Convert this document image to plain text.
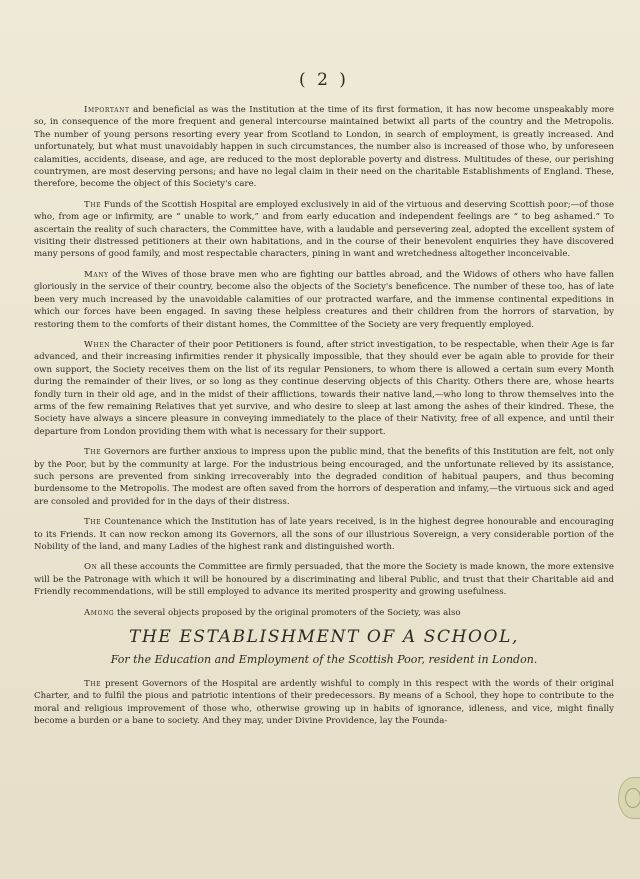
( 2 )

Important and beneficial as was the Institution at the time of its first formation, it has now become unspeakably more so, in consequence of the more frequent and general intercourse maintained betwixt all parts of the country and the Metropolis. The number of young persons resorting every year from Scotland to London, in search of employment, is greatly increased. And unfortunately, but what must unavoidably happen in such circumstances, the number also is increased of those who, by unforeseen calamities, accidents, disease, and age, are reduced to the most deplorable poverty and distress. Multitudes of these, our perishing countrymen, are most deserving persons; and have no legal claim in their need on the charitable Establishments of England. These, therefore, become the object of this Society's care.

The Funds of the Scottish Hospital are employed exclusively in aid of the virtuous and deserving Scottish poor;—of those who, from age or infirmity, are “ unable to work,” and from early education and independent feelings are “ to beg ashamed.” To ascertain the reality of such characters, the Committee have, with a laudable and persevering zeal, adopted the excellent system of visiting their distressed petitioners at their own habitations, and in the course of their benevolent enquiries they have discovered many persons of good family, and most respectable characters, pining in want and wretchedness altogether inconceivable.

Many of the Wives of those brave men who are fighting our battles abroad, and the Widows of others who have fallen gloriously in the service of their country, become also the objects of the Society's beneficence. The number of these too, has of late been very much increased by the unavoidable calamities of our protracted warfare, and the immense continental expeditions in which our forces have been engaged. In saving these helpless creatures and their children from the horrors of starvation, by restoring them to the comforts of their distant homes, the Committee of the Society are very frequently employed.

When the Character of their poor Petitioners is found, after strict investigation, to be respectable, when their Age is far advanced, and their increasing infirmities render it physically impossible, that they should ever be again able to provide for their own support, the Society receives them on the list of its regular Pensioners, to whom there is allowed a certain sum every Month during the remainder of their lives, or so long as they continue deserving objects of this Charity. Others there are, whose hearts fondly turn in their old age, and in the midst of their afflictions, towards their native land,—who long to throw themselves into the arms of the few remaining Relatives that yet survive, and who desire to sleep at last among the ashes of their kindred. These, the Society have always a sincere pleasure in conveying immediately to the place of their Nativity, free of all expence, and until their departure from London providing them with what is necessary for their support.

The Governors are further anxious to impress upon the public mind, that the benefits of this Institution are felt, not only by the Poor, but by the community at large. For the industrious being encouraged, and the unfortunate relieved by its assistance, such persons are prevented from sinking irrecoverably into the degraded condition of habitual paupers, and thus becoming burdensome to the Metropolis. The modest are often saved from the horrors of desperation and infamy,—the virtuous sick and aged are consoled and provided for in the days of their distress.

The Countenance which the Institution has of late years received, is in the highest degree honourable and encouraging to its Friends. It can now reckon among its Governors, all the sons of our illustrious Sovereign, a very considerable portion of the Nobility of the land, and many Ladies of the highest rank and distinguished worth.

On all these accounts the Committee are firmly persuaded, that the more the Society is made known, the more extensive will be the Patronage with which it will be honoured by a discriminating and liberal Public, and trust that their Charitable aid and Friendly recommendations, will be still employed to advance its merited prosperity and growing usefulness.

Among the several objects proposed by the original promoters of the Society, was also

THE ESTABLISHMENT OF A SCHOOL,
For the Education and Employment of the Scottish Poor, resident in London.

The present Governors of the Hospital are ardently wishful to comply in this respect with the words of their original Charter, and to fulfil the pious and patriotic intentions of their predecessors. By means of a School, they hope to contribute to the moral and religious improvement of those who, otherwise growing up in habits of ignorance, idleness, and vice, might finally become a burden or a bane to society. And they may, under Divine Providence, lay the Founda-
